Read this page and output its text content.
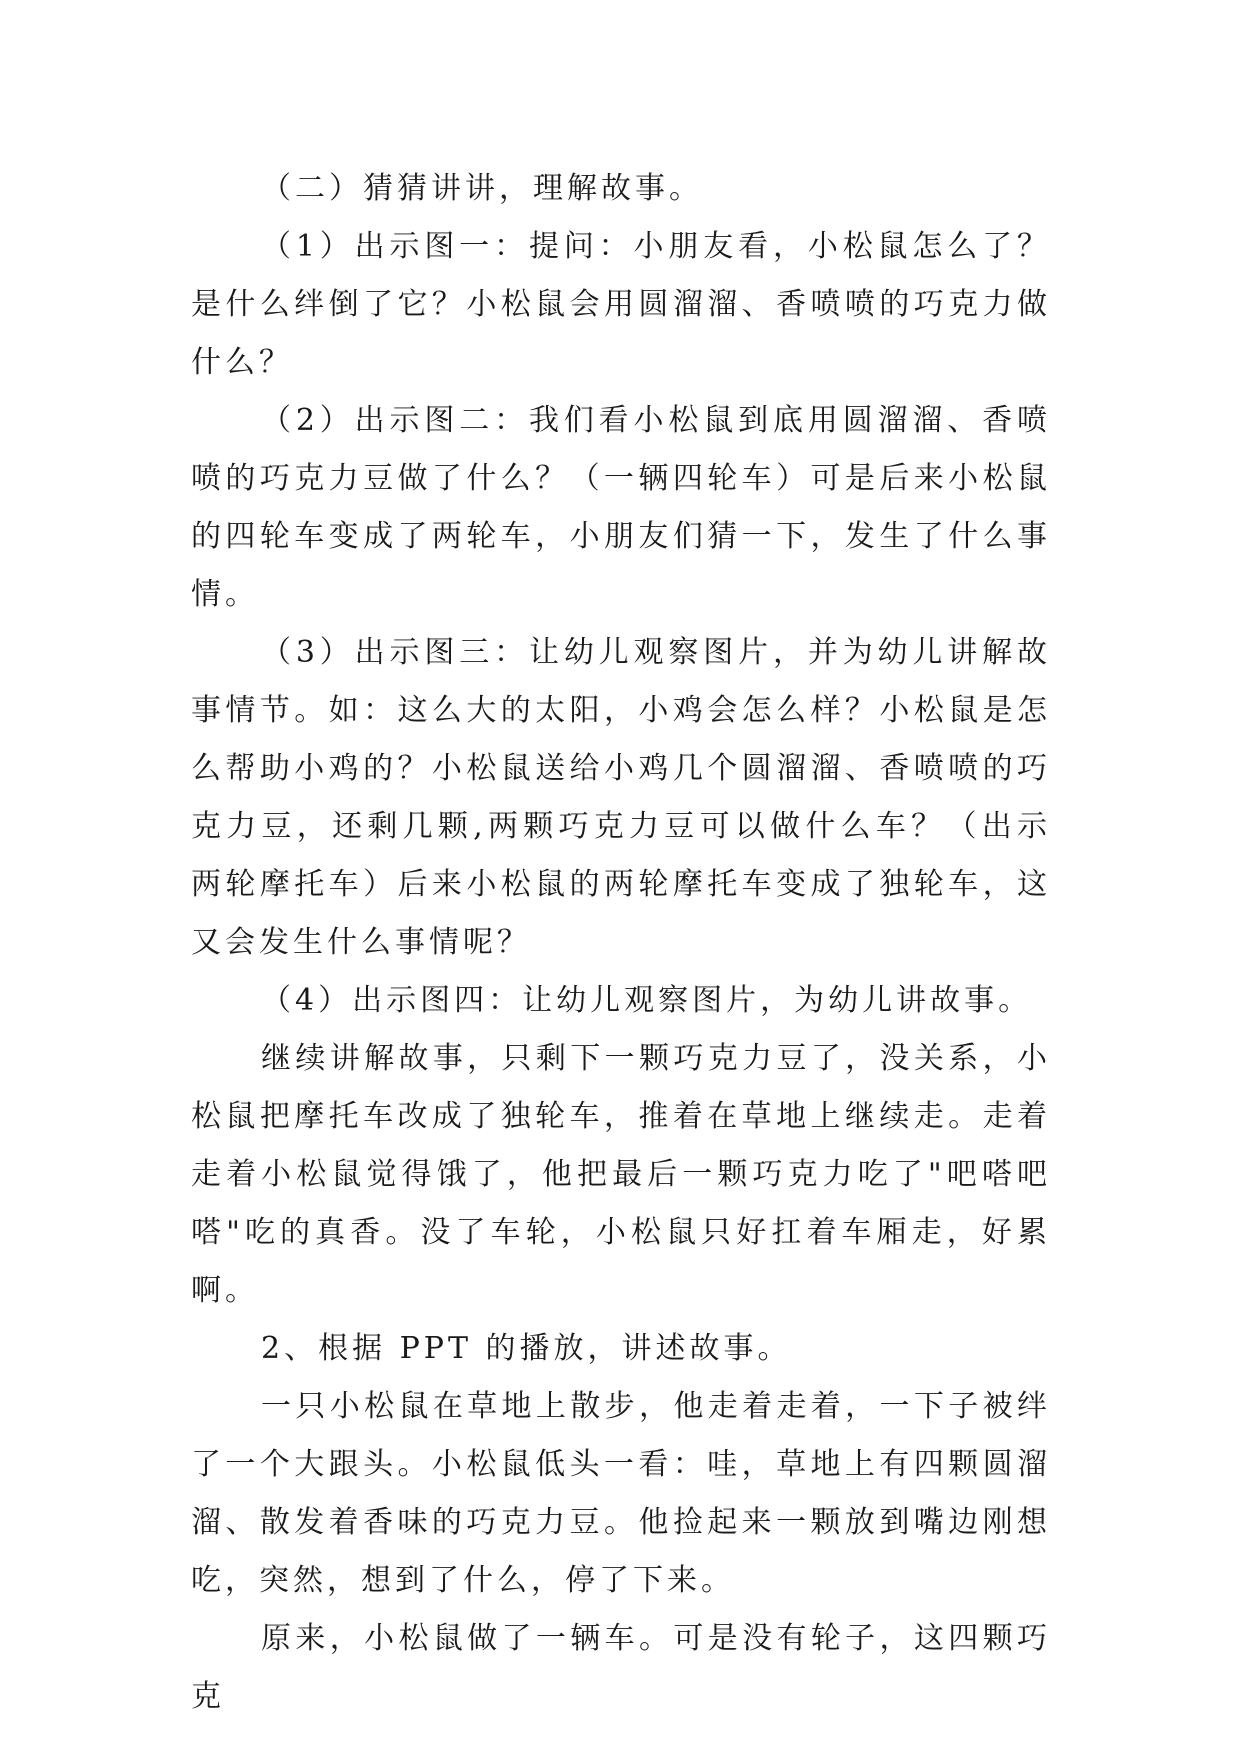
（二）猜猜讲讲，理解故事。

（1）出示图一：提问：小朋友看，小松鼠怎么了？是什么绊倒了它？小松鼠会用圆溜溜、香喷喷的巧克力做什么？

（2）出示图二：我们看小松鼠到底用圆溜溜、香喷喷的巧克力豆做了什么？（一辆四轮车）可是后来小松鼠的四轮车变成了两轮车，小朋友们猜一下，发生了什么事情。

（3）出示图三：让幼儿观察图片，并为幼儿讲解故事情节。如：这么大的太阳，小鸡会怎么样？小松鼠是怎么帮助小鸡的？小松鼠送给小鸡几个圆溜溜、香喷喷的巧克力豆，还剩几颗,两颗巧克力豆可以做什么车？（出示两轮摩托车）后来小松鼠的两轮摩托车变成了独轮车，这又会发生什么事情呢？

（4）出示图四：让幼儿观察图片，为幼儿讲故事。

继续讲解故事，只剩下一颗巧克力豆了，没关系，小松鼠把摩托车改成了独轮车，推着在草地上继续走。走着走着小松鼠觉得饿了，他把最后一颗巧克力吃了"吧嗒吧嗒"吃的真香。没了车轮，小松鼠只好扛着车厢走，好累啊。

2、根据 PPT 的播放，讲述故事。

一只小松鼠在草地上散步，他走着走着，一下子被绊了一个大跟头。小松鼠低头一看：哇，草地上有四颗圆溜溜、散发着香味的巧克力豆。他捡起来一颗放到嘴边刚想吃，突然，想到了什么，停了下来。

原来，小松鼠做了一辆车。可是没有轮子，这四颗巧克
